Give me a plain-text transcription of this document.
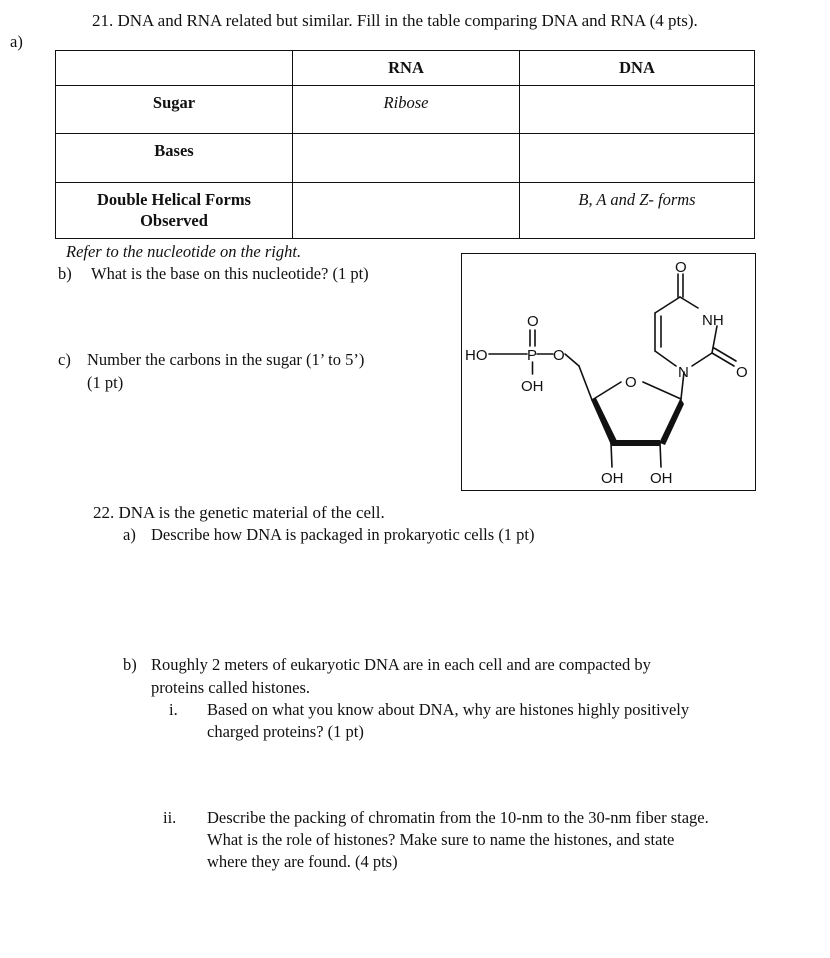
21. DNA and RNA related but similar. Fill in the table comparing DNA and RNA (4 pts).
a)
	RNA	DNA
Sugar	Ribose	
Bases		

Double Helical Forms
Observed		B, A and Z- forms
Refer to the nucleotide on the right.
b) What is the base on this nucleotide? (1 pt)
c) Number the carbons in the sugar (1’ to 5’)
(1 pt)
HO	P
O
O
OH	O
N
NH
O
O
OH OH
22. DNA is the genetic material of the cell.
a) Describe how DNA is packaged in prokaryotic cells (1 pt)
b) Roughly 2 meters of eukaryotic DNA are in each cell and are compacted by
proteins called histones.
i. Based on what you know about DNA, why are histones highly positively
charged proteins? (1 pt)
ii. Describe the packing of chromatin from the 10-nm to the 30-nm fiber stage.
What is the role of histones? Make sure to name the histones, and state
where they are found. (4 pts)
